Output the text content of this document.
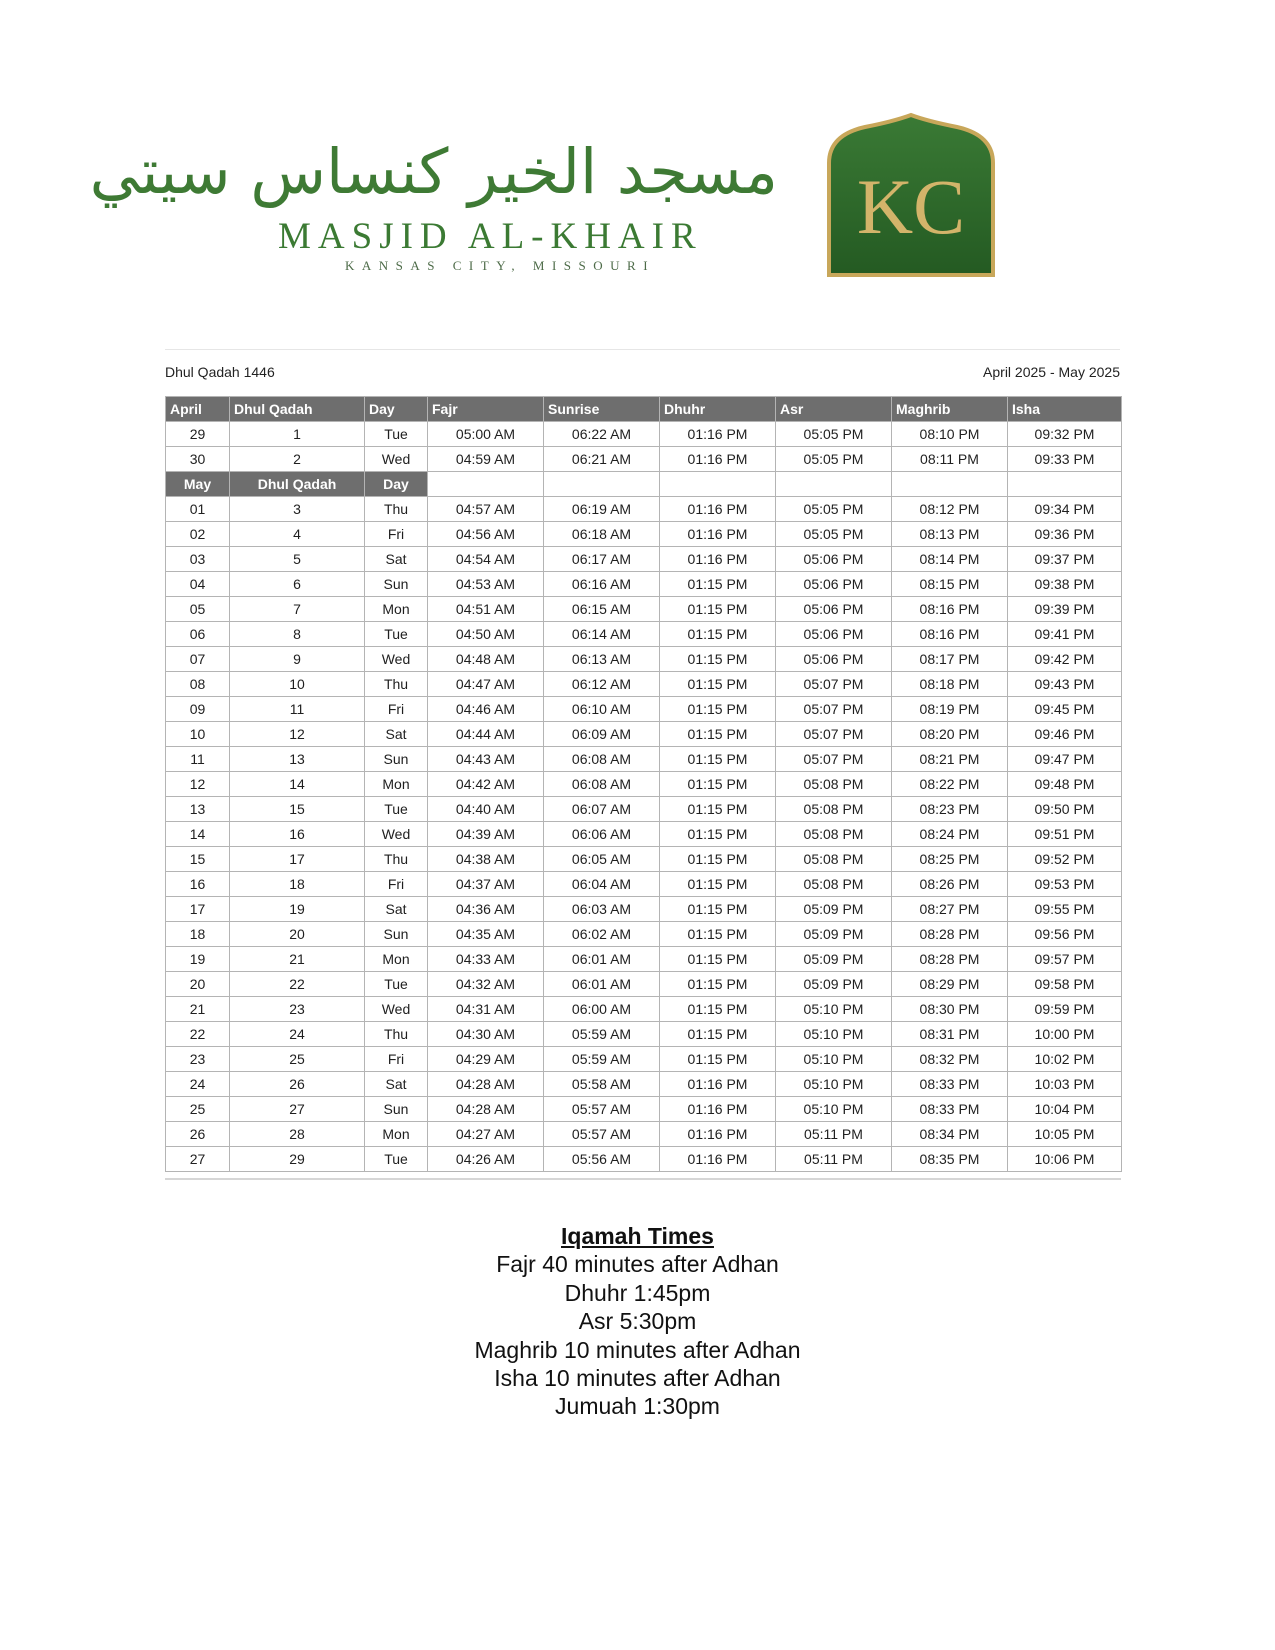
مسجد الخير كنساس سيتي
MASJID AL-KHAIR
KANSAS CITY, MISSOURI
KC
Dhul Qadah 1446	April 2025 - May 2025
April	Dhul Qadah	Day	Fajr	Sunrise	Dhuhr	Asr	Maghrib	Isha
29	1	Tue	05:00 AM	06:22 AM	01:16 PM	05:05 PM	08:10 PM	09:32 PM
30	2	Wed	04:59 AM	06:21 AM	01:16 PM	05:05 PM	08:11 PM	09:33 PM
May	Dhul Qadah	Day						
01	3	Thu	04:57 AM	06:19 AM	01:16 PM	05:05 PM	08:12 PM	09:34 PM
02	4	Fri	04:56 AM	06:18 AM	01:16 PM	05:05 PM	08:13 PM	09:36 PM
03	5	Sat	04:54 AM	06:17 AM	01:16 PM	05:06 PM	08:14 PM	09:37 PM
04	6	Sun	04:53 AM	06:16 AM	01:15 PM	05:06 PM	08:15 PM	09:38 PM
05	7	Mon	04:51 AM	06:15 AM	01:15 PM	05:06 PM	08:16 PM	09:39 PM
06	8	Tue	04:50 AM	06:14 AM	01:15 PM	05:06 PM	08:16 PM	09:41 PM
07	9	Wed	04:48 AM	06:13 AM	01:15 PM	05:06 PM	08:17 PM	09:42 PM
08	10	Thu	04:47 AM	06:12 AM	01:15 PM	05:07 PM	08:18 PM	09:43 PM
09	11	Fri	04:46 AM	06:10 AM	01:15 PM	05:07 PM	08:19 PM	09:45 PM
10	12	Sat	04:44 AM	06:09 AM	01:15 PM	05:07 PM	08:20 PM	09:46 PM
11	13	Sun	04:43 AM	06:08 AM	01:15 PM	05:07 PM	08:21 PM	09:47 PM
12	14	Mon	04:42 AM	06:08 AM	01:15 PM	05:08 PM	08:22 PM	09:48 PM
13	15	Tue	04:40 AM	06:07 AM	01:15 PM	05:08 PM	08:23 PM	09:50 PM
14	16	Wed	04:39 AM	06:06 AM	01:15 PM	05:08 PM	08:24 PM	09:51 PM
15	17	Thu	04:38 AM	06:05 AM	01:15 PM	05:08 PM	08:25 PM	09:52 PM
16	18	Fri	04:37 AM	06:04 AM	01:15 PM	05:08 PM	08:26 PM	09:53 PM
17	19	Sat	04:36 AM	06:03 AM	01:15 PM	05:09 PM	08:27 PM	09:55 PM
18	20	Sun	04:35 AM	06:02 AM	01:15 PM	05:09 PM	08:28 PM	09:56 PM
19	21	Mon	04:33 AM	06:01 AM	01:15 PM	05:09 PM	08:28 PM	09:57 PM
20	22	Tue	04:32 AM	06:01 AM	01:15 PM	05:09 PM	08:29 PM	09:58 PM
21	23	Wed	04:31 AM	06:00 AM	01:15 PM	05:10 PM	08:30 PM	09:59 PM
22	24	Thu	04:30 AM	05:59 AM	01:15 PM	05:10 PM	08:31 PM	10:00 PM
23	25	Fri	04:29 AM	05:59 AM	01:15 PM	05:10 PM	08:32 PM	10:02 PM
24	26	Sat	04:28 AM	05:58 AM	01:16 PM	05:10 PM	08:33 PM	10:03 PM
25	27	Sun	04:28 AM	05:57 AM	01:16 PM	05:10 PM	08:33 PM	10:04 PM
26	28	Mon	04:27 AM	05:57 AM	01:16 PM	05:11 PM	08:34 PM	10:05 PM
27	29	Tue	04:26 AM	05:56 AM	01:16 PM	05:11 PM	08:35 PM	10:06 PM
Iqamah Times
Fajr 40 minutes after Adhan
Dhuhr 1:45pm
Asr 5:30pm
Maghrib 10 minutes after Adhan
Isha 10 minutes after Adhan
Jumuah 1:30pm
